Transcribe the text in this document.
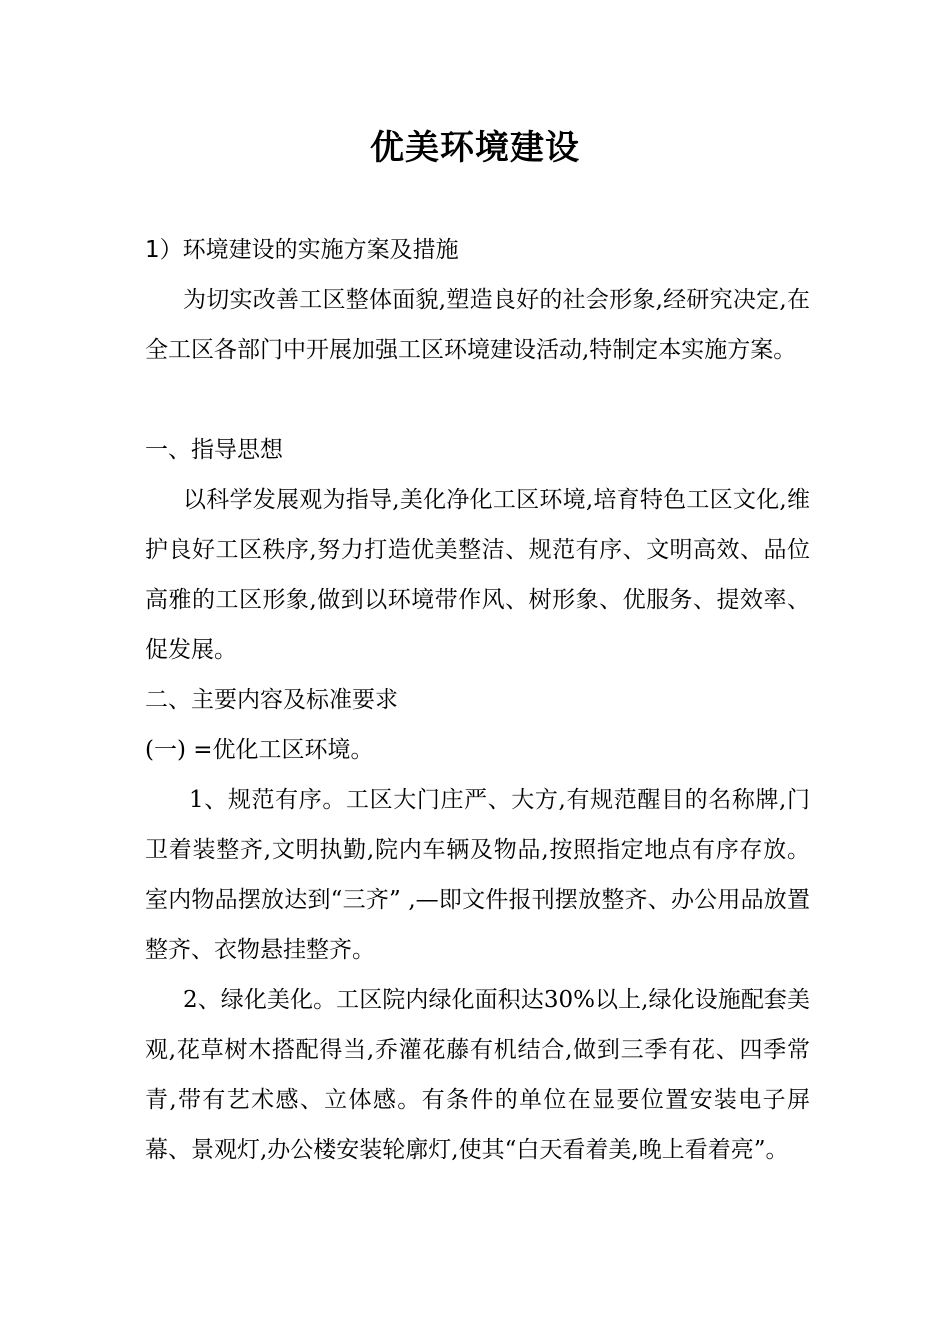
优美环境建设
1）环境建设的实施方案及措施
为切实改善工区整体面貌,塑造良好的社会形象,经研究决定,在全工区各部门中开展加强工区环境建设活动,特制定本实施方案。
一、指导思想
以科学发展观为指导,美化净化工区环境,培育特色工区文化,维护良好工区秩序,努力打造优美整洁、规范有序、文明高效、品位高雅的工区形象,做到以环境带作风、树形象、优服务、提效率、促发展。
二、主要内容及标准要求
(一) =优化工区环境。
1、规范有序。工区大门庄严、大方,有规范醒目的名称牌,门卫着装整齐,文明执勤,院内车辆及物品,按照指定地点有序存放。室内物品摆放达到“三齐” ,—即文件报刊摆放整齐、办公用品放置整齐、衣物悬挂整齐。
2、绿化美化。工区院内绿化面积达30%以上,绿化设施配套美观,花草树木搭配得当,乔灌花藤有机结合,做到三季有花、四季常青,带有艺术感、立体感。有条件的单位在显要位置安装电子屏幕、景观灯,办公楼安装轮廓灯,使其“白天看着美,晚上看着亮”。
